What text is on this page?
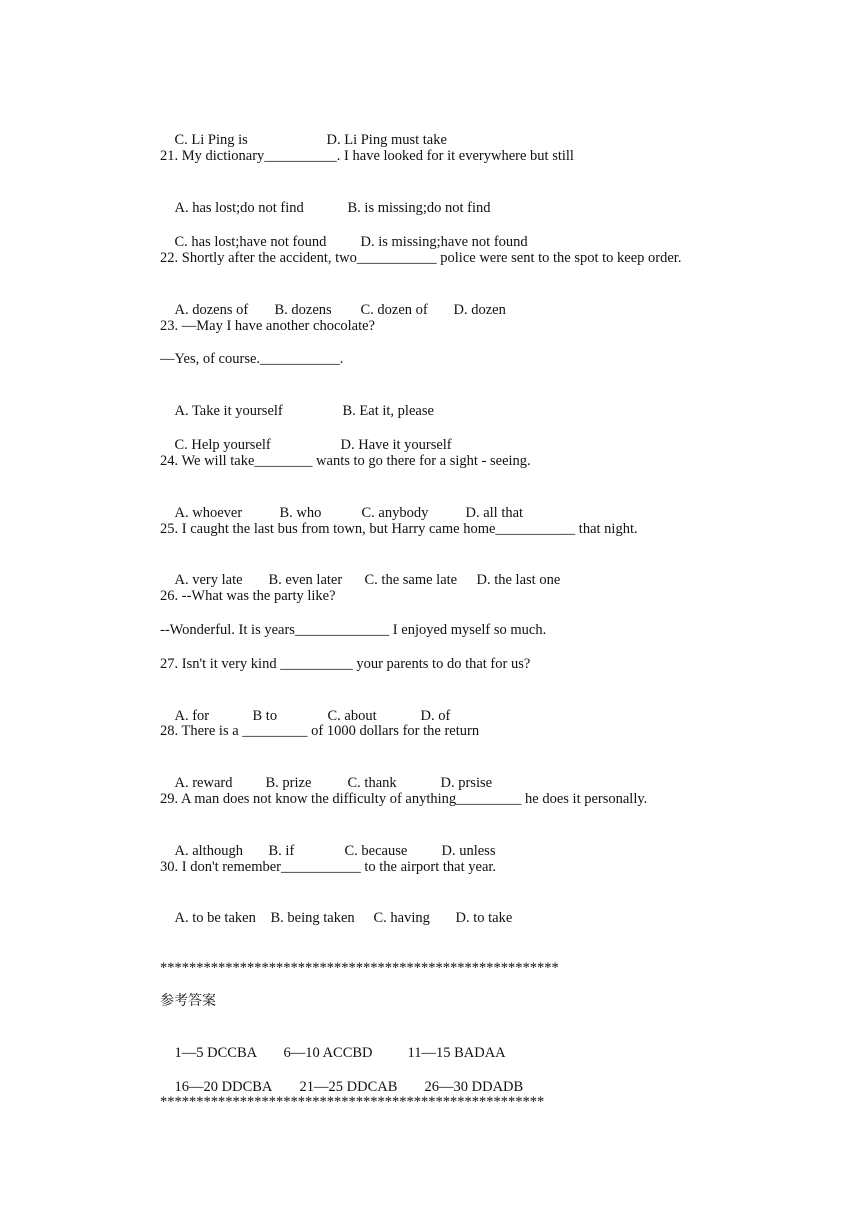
C. Li Ping is	D. Li Ping must take

21. My dictionary__________. I have looked for it everywhere but still

A. has lost;do not find	B. is missing;do not find

C. has lost;have not found D. is missing;have not found

22. Shortly after the accident, two___________ police were sent to the spot to keep order.

A. dozens of B. dozens C. dozen of D. dozen

23. —May I have another chocolate?
—Yes, of course.___________.

A. Take it yourself	B. Eat it, please

C. Help yourself	D. Have it yourself

24. We will take________ wants to go there for a sight - seeing.

A. whoever	B. who	C. anybody	D. all that

25. I caught the last bus from town, but Harry came home___________ that night.

A. very late B. even later C. the same late D. the last one

26. --What was the party like?
--Wonderful. It is years_____________ I enjoyed myself so much.
27. Isn't it very kind __________ your parents to do that for us?

A. for	B to	C. about	D. of

28. There is a _________ of 1000 dollars for the return

A. reward B. prize C. thank	D. prsise

29. A man does not know the difficulty of anything_________ he does it personally.

A. although B. if	C. because D. unless

30. I don't remember___________ to the airport that year.

A. to be taken B. being taken C. having D. to take

*******************************************************
参考答案

1—5 DCCBA 6—10 ACCBD 11—15 BADAA

16—20 DDCBA 21—25 DDCAB 26—30 DDADB

*****************************************************
